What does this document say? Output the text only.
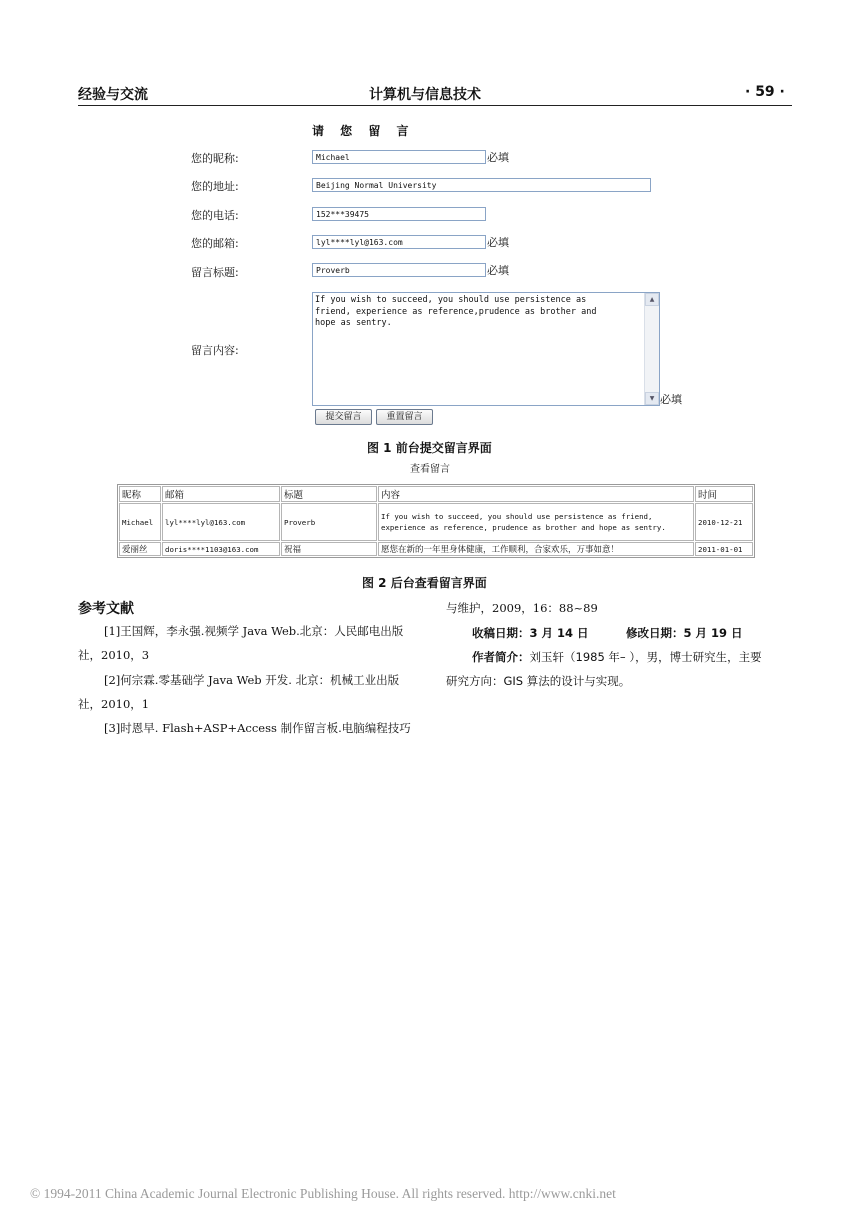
经验与交流	计算机与信息技术	· 59 ·
请 您 留 言
您的昵称:	Michael	必填
您的地址:	Beijing Normal University
您的电话:	152***39475
您的邮箱:	lyl****lyl@163.com	必填
留言标题:	Proverb	必填
留言内容:
If you wish to succeed, you should use persistence as
friend, experience as reference,prudence as brother and
hope as sentry.
▲
▼ 必填
提交留言	重置留言
图 1 前台提交留言界面
查看留言
昵称	邮箱	标题	内容	时间
Michael	lyl****lyl@163.com	Proverb	If you wish to succeed, you should use persistence as friend, experience as reference, prudence as brother and hope as sentry.	2010-12-21
爱丽丝	doris****1103@163.com	祝福	愿您在新的一年里身体健康，工作顺利，合家欢乐，万事如意！	2011-01-01
图 2 后台查看留言界面
参考文献
[1]王国辉，李永强.视频学 Java Web.北京：人民邮电出版
社，2010，3
[2]何宗霖.零基础学 Java Web 开发. 北京：机械工业出版
社，2010，1
[3]时恩早. Flash+ASP+Access 制作留言板.电脑编程技巧
与维护，2009，16：88~89
收稿日期：3 月 14 日	修改日期：5 月 19 日
作者简介：刘玉轩（1985 年– ），男，博士研究生，主要
研究方向：GIS 算法的设计与实现。
© 1994-2011 China Academic Journal Electronic Publishing House. All rights reserved. http://www.cnki.net
